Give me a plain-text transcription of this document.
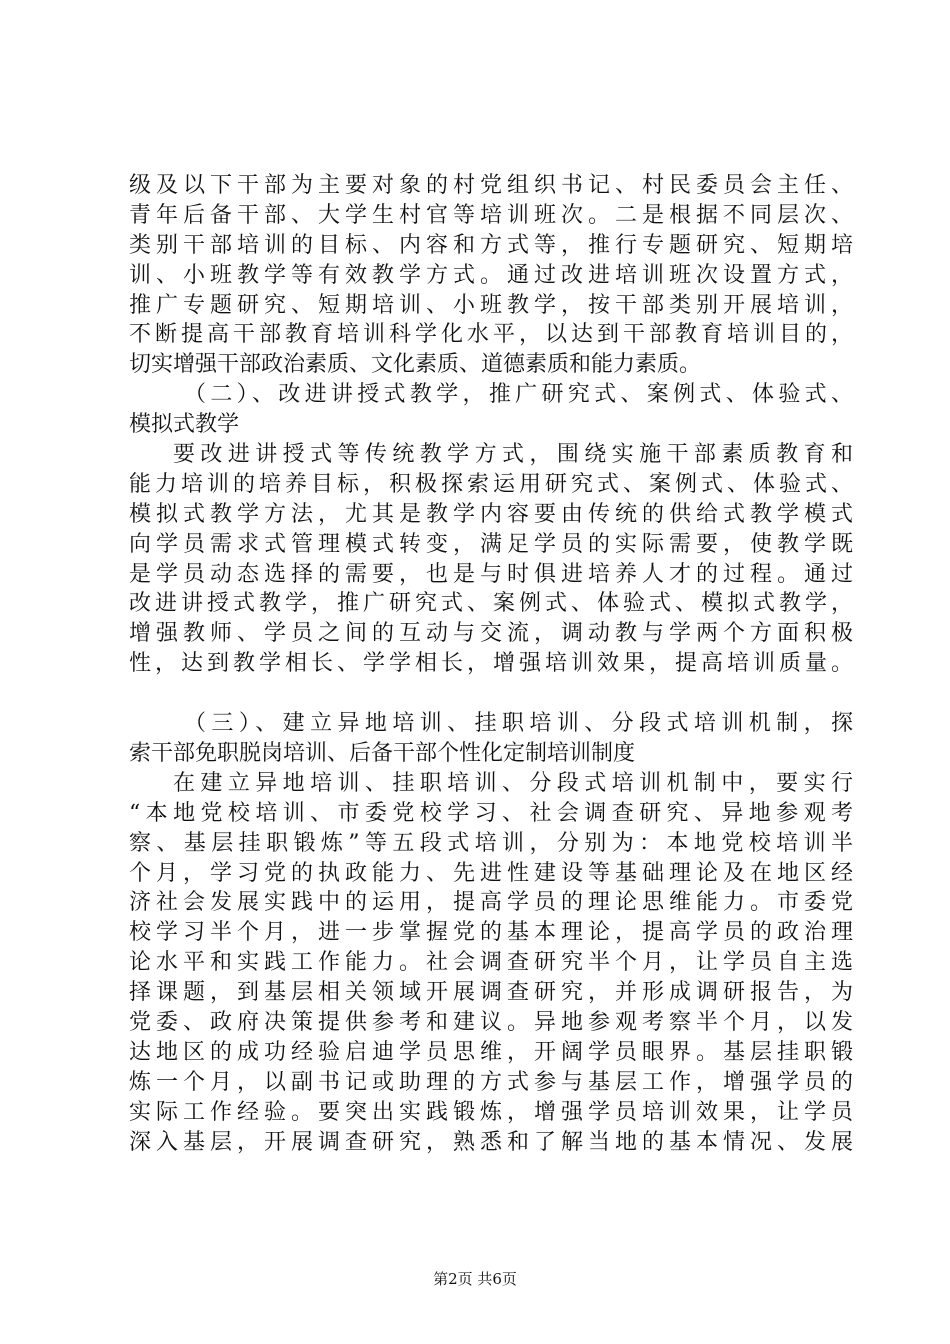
级及以下干部为主要对象的村党组织书记、村民委员会主任、
青年后备干部、大学生村官等培训班次。二是根据不同层次、
类别干部培训的目标、内容和方式等，推行专题研究、短期培
训、小班教学等有效教学方式。通过改进培训班次设置方式，
推广专题研究、短期培训、小班教学，按干部类别开展培训，
不断提高干部教育培训科学化水平，以达到干部教育培训目的，
切实增强干部政治素质、文化素质、道德素质和能力素质。
（二）、改进讲授式教学，推广研究式、案例式、体验式、
模拟式教学
要改进讲授式等传统教学方式，围绕实施干部素质教育和
能力培训的培养目标，积极探索运用研究式、案例式、体验式、
模拟式教学方法，尤其是教学内容要由传统的供给式教学模式
向学员需求式管理模式转变，满足学员的实际需要，使教学既
是学员动态选择的需要，也是与时俱进培养人才的过程。通过
改进讲授式教学，推广研究式、案例式、体验式、模拟式教学，
增强教师、学员之间的互动与交流，调动教与学两个方面积极
性，达到教学相长、学学相长，增强培训效果，提高培训质量。
（三）、建立异地培训、挂职培训、分段式培训机制，探
索干部免职脱岗培训、后备干部个性化定制培训制度
在建立异地培训、挂职培训、分段式培训机制中，要实行
“本地党校培训、市委党校学习、社会调查研究、异地参观考
察、基层挂职锻炼”等五段式培训，分别为：本地党校培训半
个月，学习党的执政能力、先进性建设等基础理论及在地区经
济社会发展实践中的运用，提高学员的理论思维能力。市委党
校学习半个月，进一步掌握党的基本理论，提高学员的政治理
论水平和实践工作能力。社会调查研究半个月，让学员自主选
择课题，到基层相关领域开展调查研究，并形成调研报告，为
党委、政府决策提供参考和建议。异地参观考察半个月，以发
达地区的成功经验启迪学员思维，开阔学员眼界。基层挂职锻
炼一个月，以副书记或助理的方式参与基层工作，增强学员的
实际工作经验。要突出实践锻炼，增强学员培训效果，让学员
深入基层，开展调查研究，熟悉和了解当地的基本情况、发展
第2页 共6页
